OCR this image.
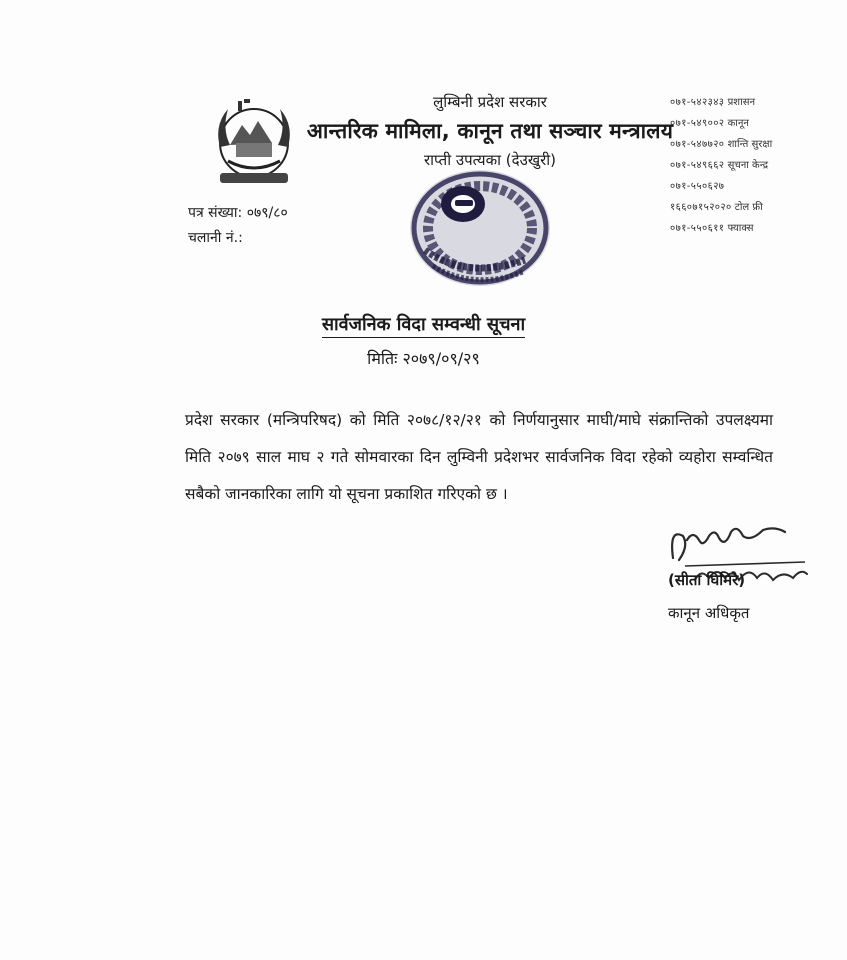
लुम्बिनी प्रदेश सरकार
आन्तरिक मामिला, कानून तथा सञ्चार मन्त्रालय
राप्ती उपत्यका (देउखुरी)
०७१-५४२३४३ प्रशासन
०७१-५४९००२ कानून
०७१-५४७७२० शान्ति सुरक्षा
०७१-५४९६६२ सूचना केन्द्र
०७१-५५०६२७
१६६०७१५२०२० टोल फ्री
०७१-५५०६११ फ्याक्स
पत्र संख्या: ०७९/८०
चलानी नं.:
सार्वजनिक विदा सम्वन्धी सूचना
मितिः २०७९/०९/२९
प्रदेश सरकार (मन्त्रिपरिषद) को मिति २०७८/१२/२१ को निर्णयानुसार माघी/माघे संक्रान्तिको उपलक्ष्यमा मिति २०७९ साल माघ २ गते सोमवारका दिन लुम्विनी प्रदेशभर सार्वजनिक विदा रहेको व्यहोरा सम्वन्धित सबैको जानकारिका लागि यो सूचना प्रकाशित गरिएको छ ।
(सीता घिमिरे)
कानून अधिकृत
